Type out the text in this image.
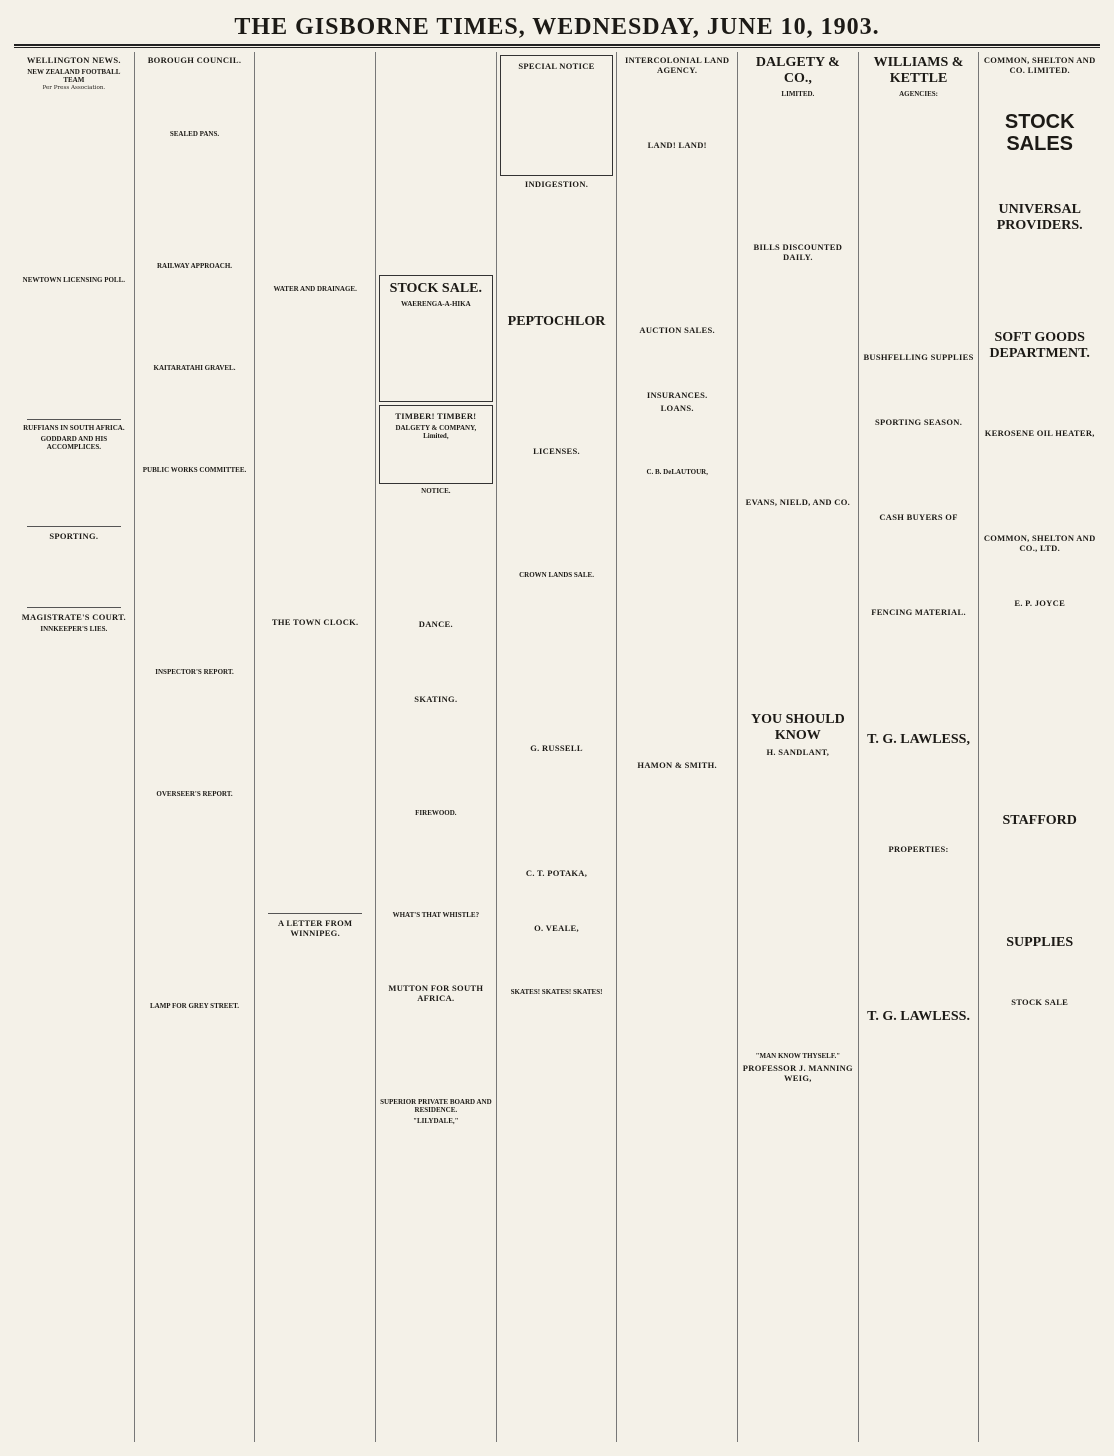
THE GISBORNE TIMES, WEDNESDAY, JUNE 10, 1903.
WELLINGTON NEWS.
NEW ZEALAND FOOTBALL TEAM

Per Press Association.

NEWTOWN LICENSING POLL.
RUFFIANS IN SOUTH AFRICA.
GODDARD AND HIS ACCOMPLICES.
SPORTING.
MAGISTRATE'S COURT.
INNKEEPER'S LIES.
BOROUGH COUNCIL.
SEALED PANS.
RAILWAY APPROACH.
KAITARATAHI GRAVEL.
PUBLIC WORKS COMMITTEE.
INSPECTOR'S REPORT.
OVERSEER'S REPORT.
LAMP FOR GREY STREET.
WATER AND DRAINAGE.
THE TOWN CLOCK.
A LETTER FROM WINNIPEG.
STOCK SALE.
WAERENGA-A-HIKA
TIMBER! TIMBER!
DALGETY & COMPANY, Limited,
NOTICE.
DANCE.
SKATING.
FIREWOOD.
WHAT'S THAT WHISTLE?
MUTTON FOR SOUTH AFRICA.
SUPERIOR PRIVATE BOARD AND RESIDENCE.
"LILYDALE,"
SPECIAL NOTICE
INDIGESTION.
PEPTOCHLOR
LICENSES.
CROWN LANDS SALE.
G. RUSSELL
C. T. POTAKA,
O. VEALE,
SKATES! SKATES! SKATES!
INTERCOLONIAL LAND AGENCY.
LAND! LAND!
AUCTION SALES.
INSURANCES.
LOANS.
C. B. DeLAUTOUR,
HAMON & SMITH.
DALGETY & CO.,
LIMITED.
BILLS DISCOUNTED DAILY.
EVANS, NIELD, AND CO.
YOU SHOULD KNOW
H. SANDLANT,
"MAN KNOW THYSELF."
PROFESSOR J. MANNING WEIG,
WILLIAMS & KETTLE
AGENCIES:
BUSHFELLING SUPPLIES
SPORTING SEASON.
CASH BUYERS OF
FENCING MATERIAL.
T. G. LAWLESS,
PROPERTIES:
T. G. LAWLESS.
COMMON, SHELTON AND CO. LIMITED.
STOCK SALES
UNIVERSAL PROVIDERS.
SOFT GOODS DEPARTMENT.
KEROSENE OIL HEATER,
COMMON, SHELTON AND CO., LTD.
E. P. JOYCE
STAFFORD
SUPPLIES
STOCK SALE
